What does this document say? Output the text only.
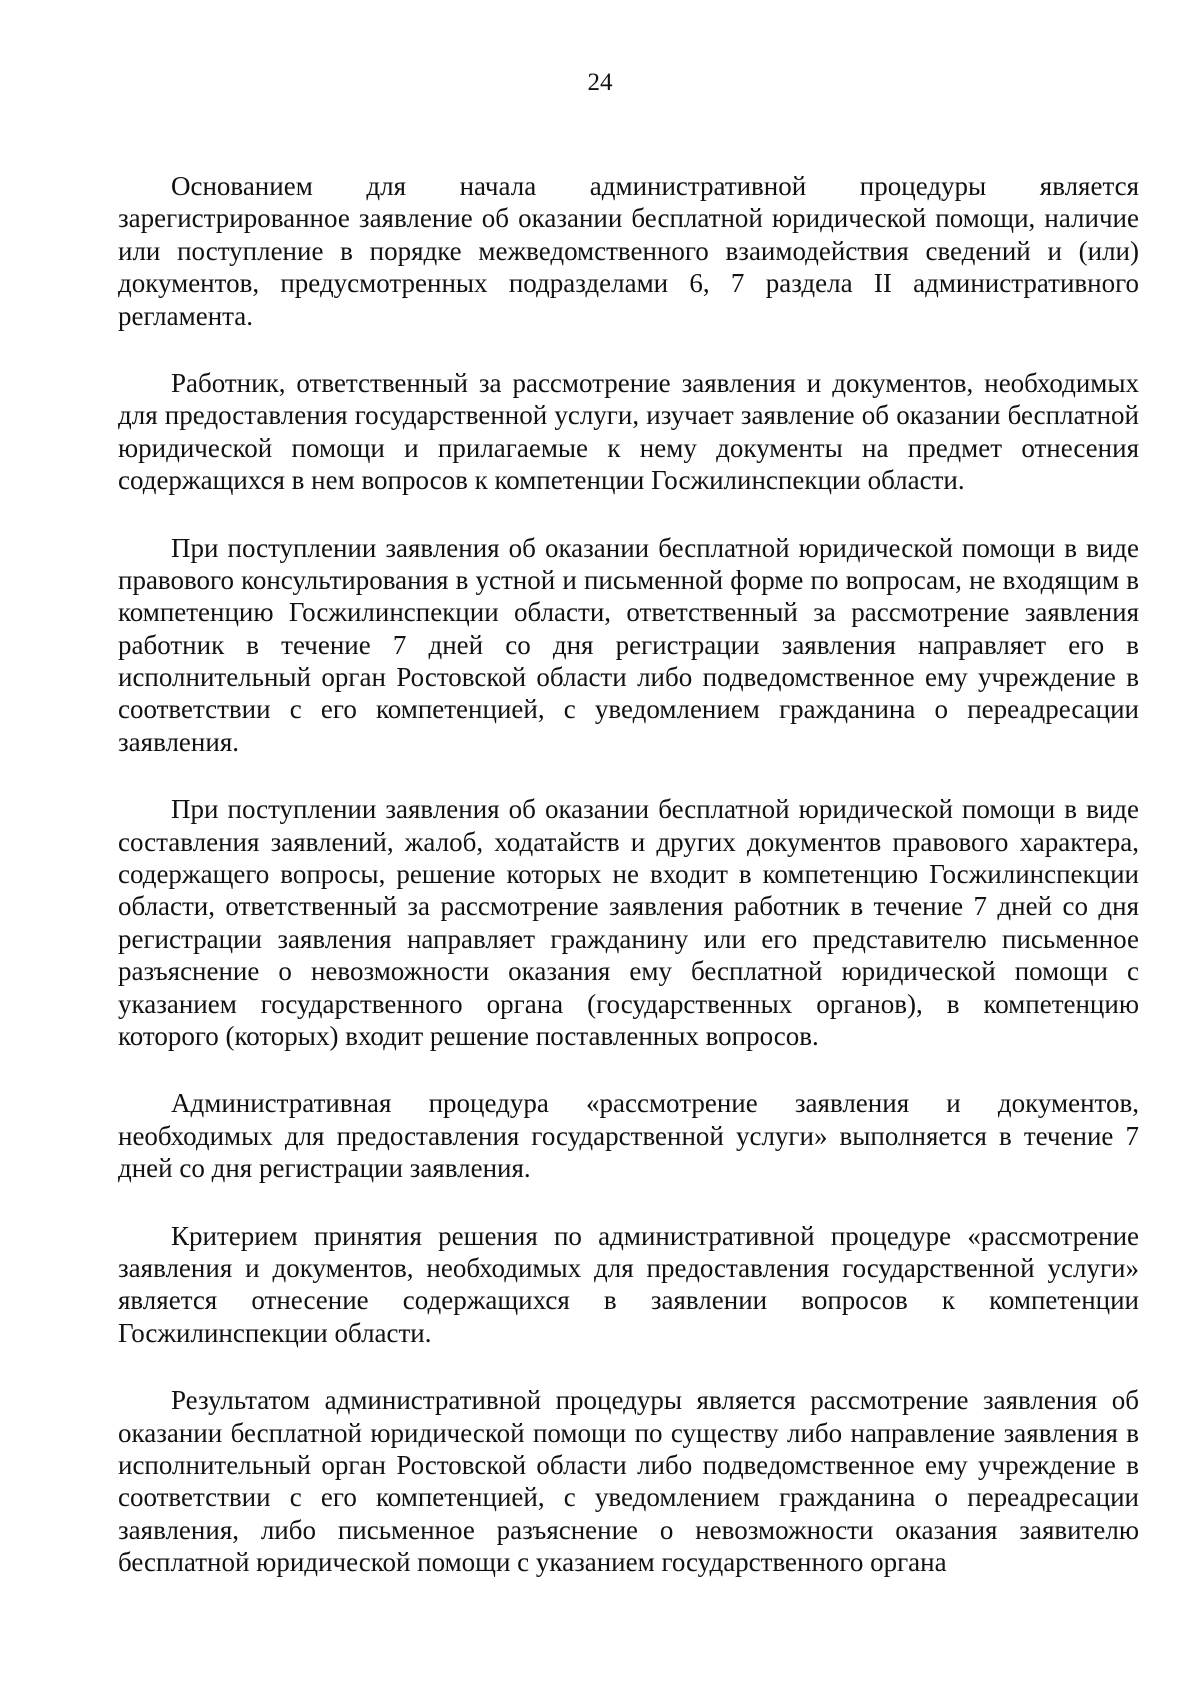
24

Основанием для начала административной процедуры является зарегистрированное заявление об оказании бесплатной юридической помощи, наличие или поступление в порядке межведомственного взаимодействия сведений и (или) документов, предусмотренных подразделами 6, 7 раздела II административного регламента.

Работник, ответственный за рассмотрение заявления и документов, необходимых для предоставления государственной услуги, изучает заявление об оказании бесплатной юридической помощи и прилагаемые к нему документы на предмет отнесения содержащихся в нем вопросов к компетенции Госжилинспекции области.

При поступлении заявления об оказании бесплатной юридической помощи в виде правового консультирования в устной и письменной форме по вопросам, не входящим в компетенцию Госжилинспекции области, ответственный за рассмотрение заявления работник в течение 7 дней со дня регистрации заявления направляет его в исполнительный орган Ростовской области либо подведомственное ему учреждение в соответствии с его компетенцией, с уведомлением гражданина о переадресации заявления.

При поступлении заявления об оказании бесплатной юридической помощи в виде составления заявлений, жалоб, ходатайств и других документов правового характера, содержащего вопросы, решение которых не входит в компетенцию Госжилинспекции области, ответственный за рассмотрение заявления работник в течение 7 дней со дня регистрации заявления направляет гражданину или его представителю письменное разъяснение о невозможности оказания ему бесплатной юридической помощи с указанием государственного органа (государственных органов), в компетенцию которого (которых) входит решение поставленных вопросов.

Административная процедура «рассмотрение заявления и документов, необходимых для предоставления государственной услуги» выполняется в течение 7 дней со дня регистрации заявления.

Критерием принятия решения по административной процедуре «рассмотрение заявления и документов, необходимых для предоставления государственной услуги» является отнесение содержащихся в заявлении вопросов к компетенции Госжилинспекции области.

Результатом административной процедуры является рассмотрение заявления об оказании бесплатной юридической помощи по существу либо направление заявления в исполнительный орган Ростовской области либо подведомственное ему учреждение в соответствии с его компетенцией, с уведомлением гражданина о переадресации заявления, либо письменное разъяснение о невозможности оказания заявителю бесплатной юридической помощи с указанием государственного органа
